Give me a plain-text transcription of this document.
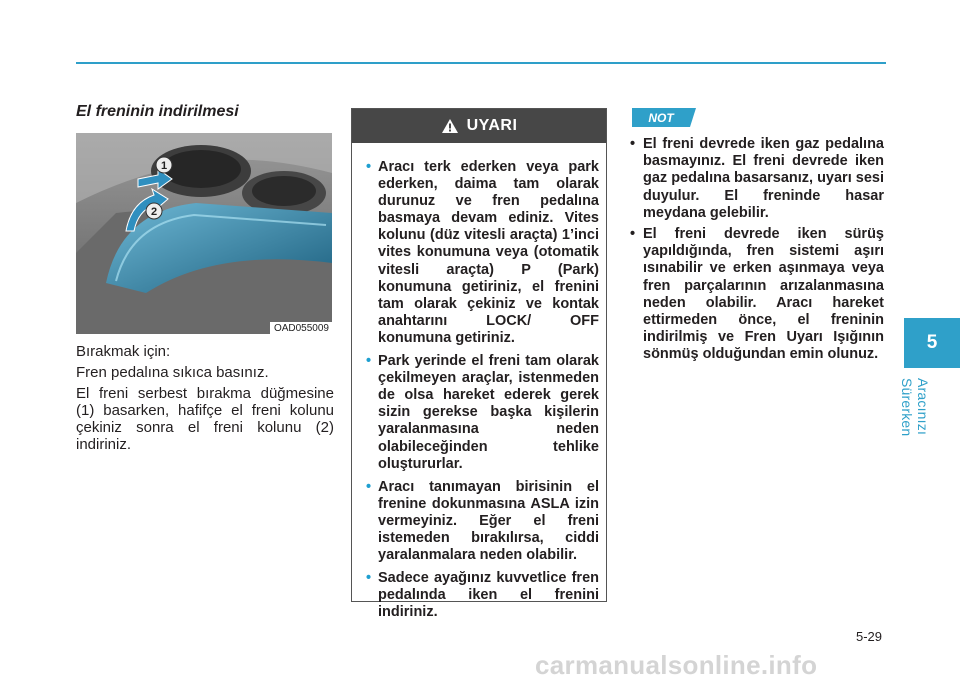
El freninin indirilmesi
1
2
OAD055009
Bırakmak için:
Fren pedalına sıkıca basınız.
El freni serbest bırakma düğmesine (1) basarken, hafifçe el freni kolunu çekiniz sonra el freni kolunu (2) indiriniz.
UYARI
• Aracı terk ederken veya park ederken, daima tam olarak durunuz ve fren pedalına basmaya devam ediniz. Vites kolunu (düz vitesli araçta) 1’inci vites konumuna veya (otomatik vitesli araçta) P (Park) konumuna getiriniz, el frenini tam olarak çekiniz ve kontak anahtarını LOCK/ OFF konumuna getiriniz.
• Park yerinde el freni tam olarak çekilmeyen araçlar, istenmeden de olsa hareket ederek gerek sizin gerekse başka kişilerin yaralanmasına neden olabileceğinden tehlike oluştururlar.
• Aracı tanımayan birisinin el frenine dokunmasına ASLA izin vermeyiniz. Eğer el freni istemeden bırakılırsa, ciddi yaralanmalara neden olabilir.
• Sadece ayağınız kuvvetlice fren pedalında iken el frenini indiriniz.
NOT
• El freni devrede iken gaz pedalına basmayınız. El freni devrede iken gaz pedalına basarsanız, uyarı sesi duyulur. El freninde hasar meydana gelebilir.
• El freni devrede iken sürüş yapıldığında, fren sistemi aşırı ısınabilir ve erken aşınmaya veya fren parçalarının arızalanmasına neden olabilir. Aracı hareket ettirmeden önce, el freninin indirilmiş ve Fren Uyarı Işığının sönmüş olduğundan emin olunuz.
5
Aracınızı Sürerken
5-29
carmanualsonline.info
